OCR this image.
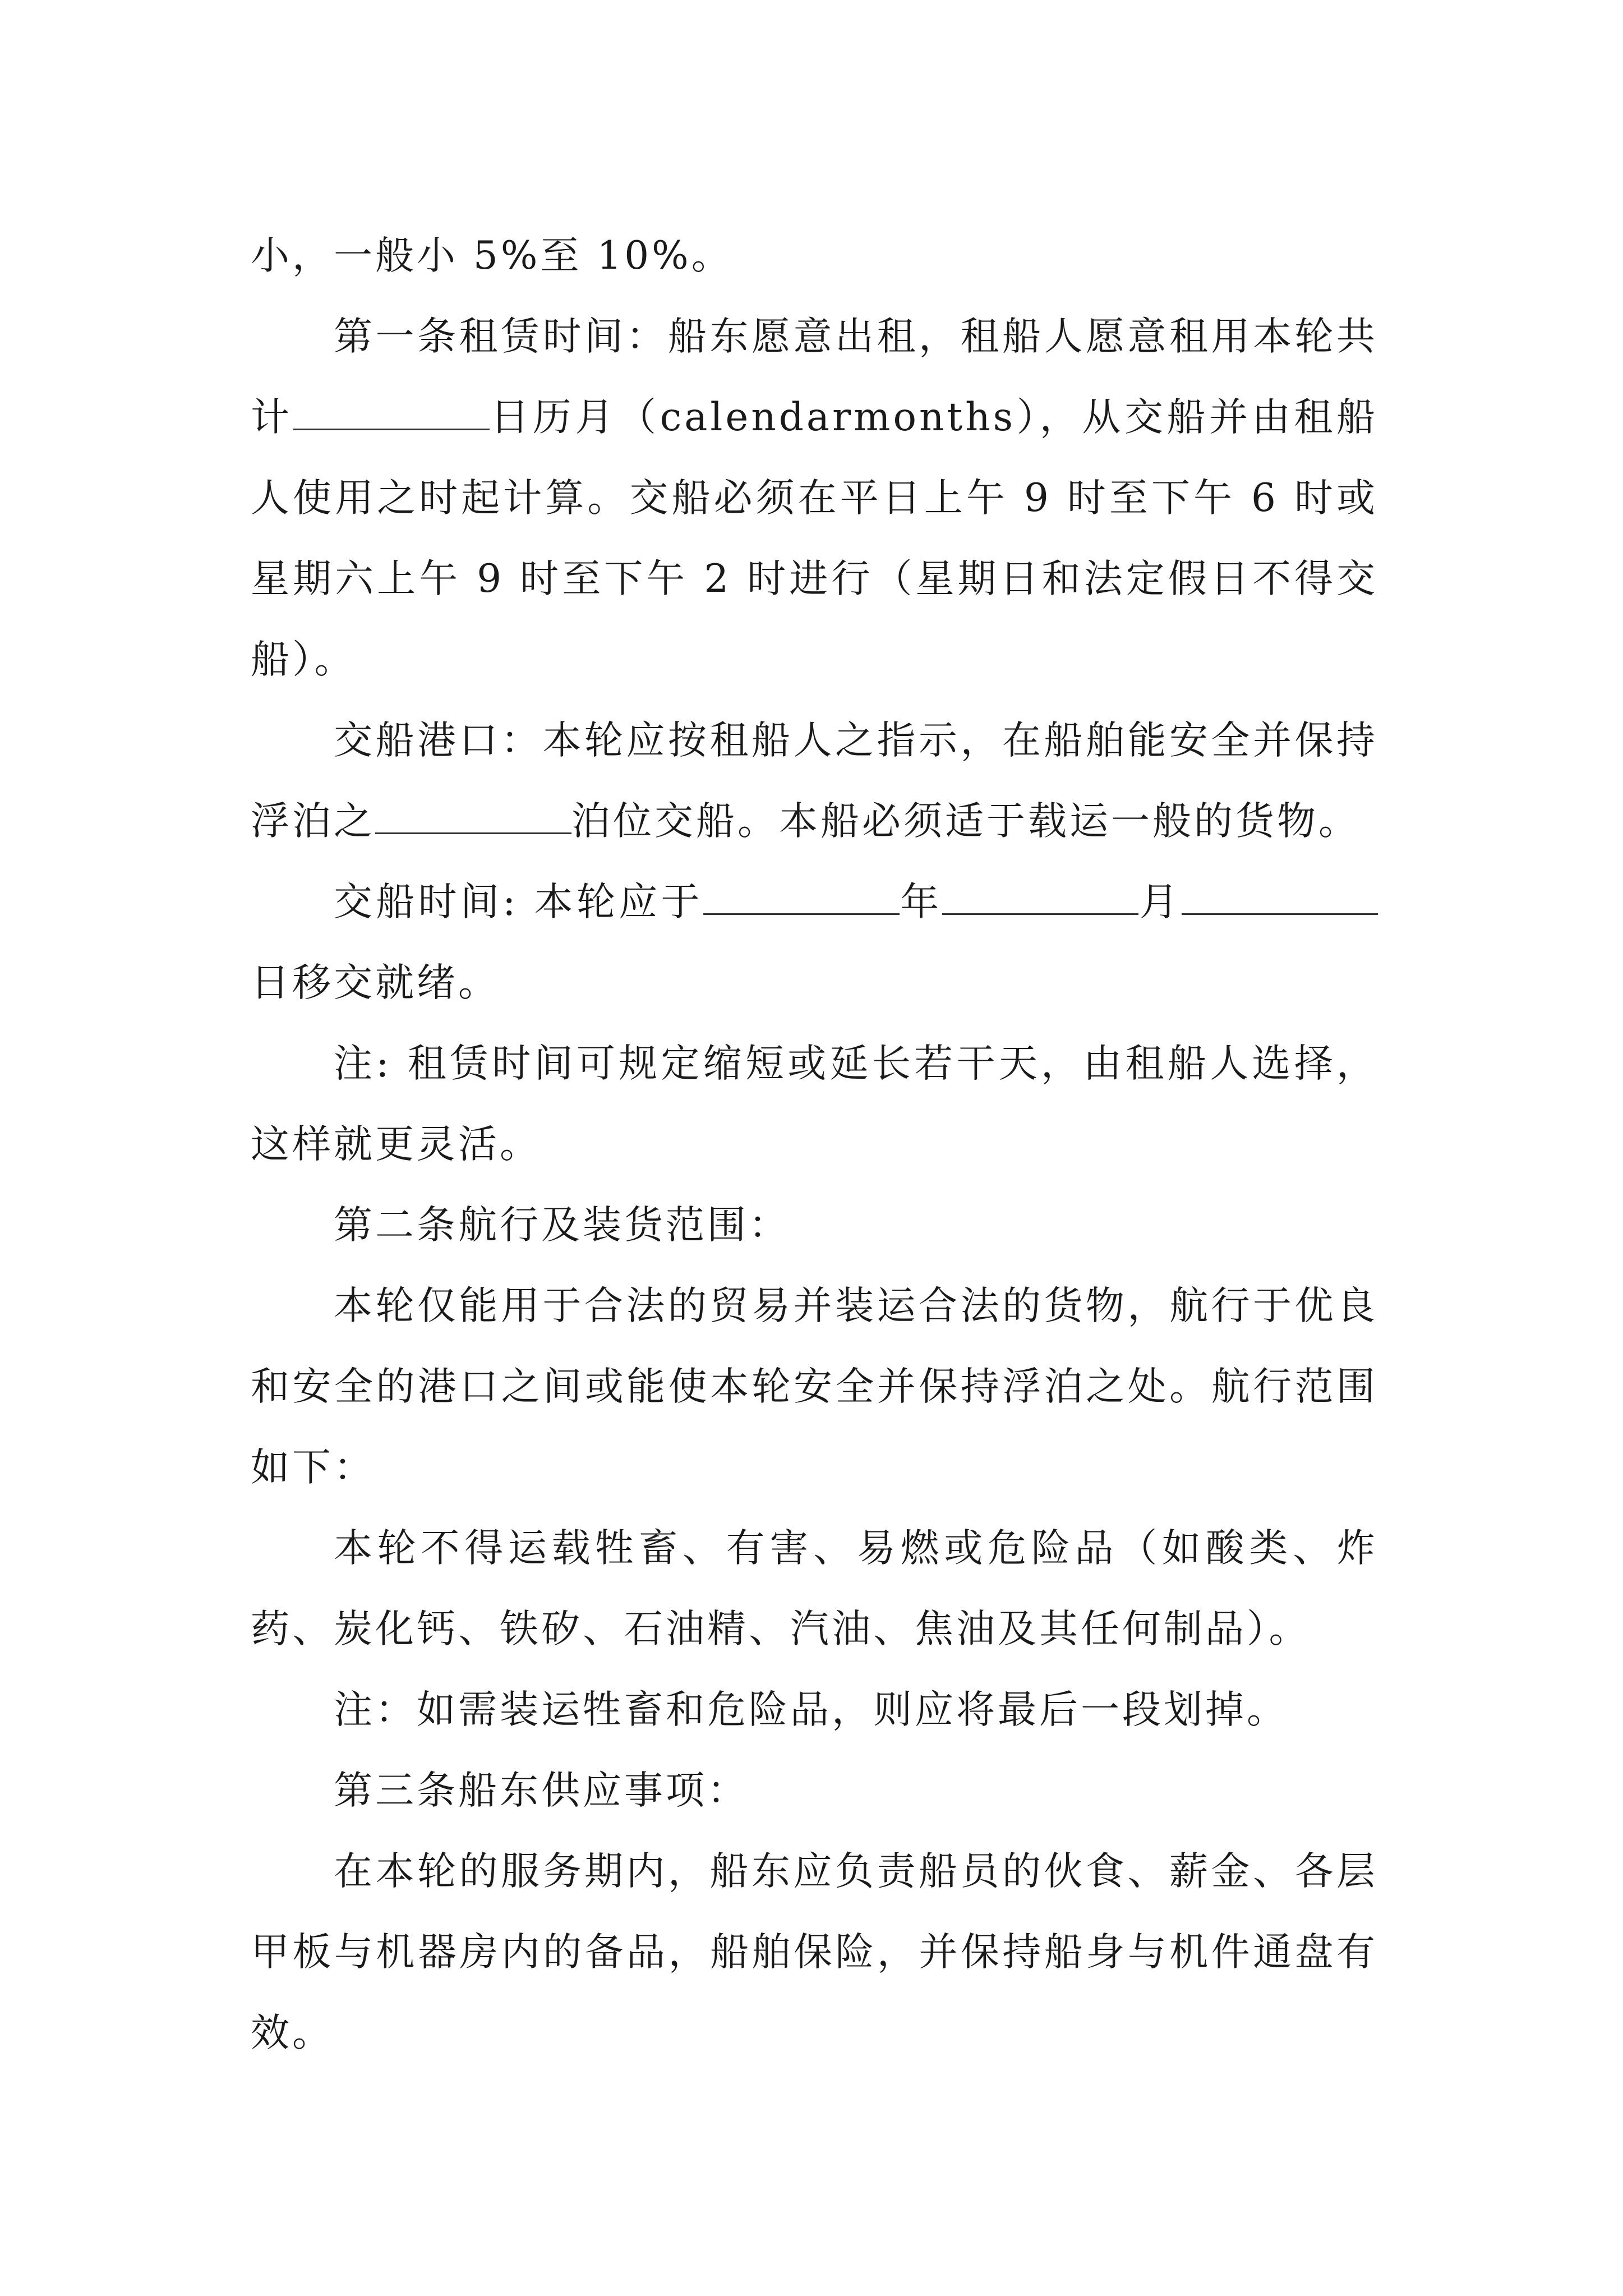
小，一般小 5%至 10%。

第一条租赁时间：船东愿意出租，租船人愿意租用本轮共计	日历月（calendarmonths），从交船并由租船人使用之时起计算。交船必须在平日上午 9 时至下午 6 时或星期六上午 9 时至下午 2 时进行（星期日和法定假日不得交船）。

交船港口：本轮应按租船人之指示，在船舶能安全并保持浮泊之	泊位交船。本船必须适于载运一般的货物。

交船时间: 本轮应于	年	月日移交就绪。

注: 租赁时间可规定缩短或延长若干天，由租船人选择，这样就更灵活。

第二条航行及装货范围：

本轮仅能用于合法的贸易并装运合法的货物，航行于优良和安全的港口之间或能使本轮安全并保持浮泊之处。航行范围如下：

本轮不得运载牲畜、有害、易燃或危险品（如酸类、炸药、炭化钙、铁矽、石油精、汽油、焦油及其任何制品）。

注：如需装运牲畜和危险品，则应将最后一段划掉。

第三条船东供应事项：

在本轮的服务期内，船东应负责船员的伙食、薪金、各层甲板与机器房内的备品，船舶保险，并保持船身与机件通盘有效。
